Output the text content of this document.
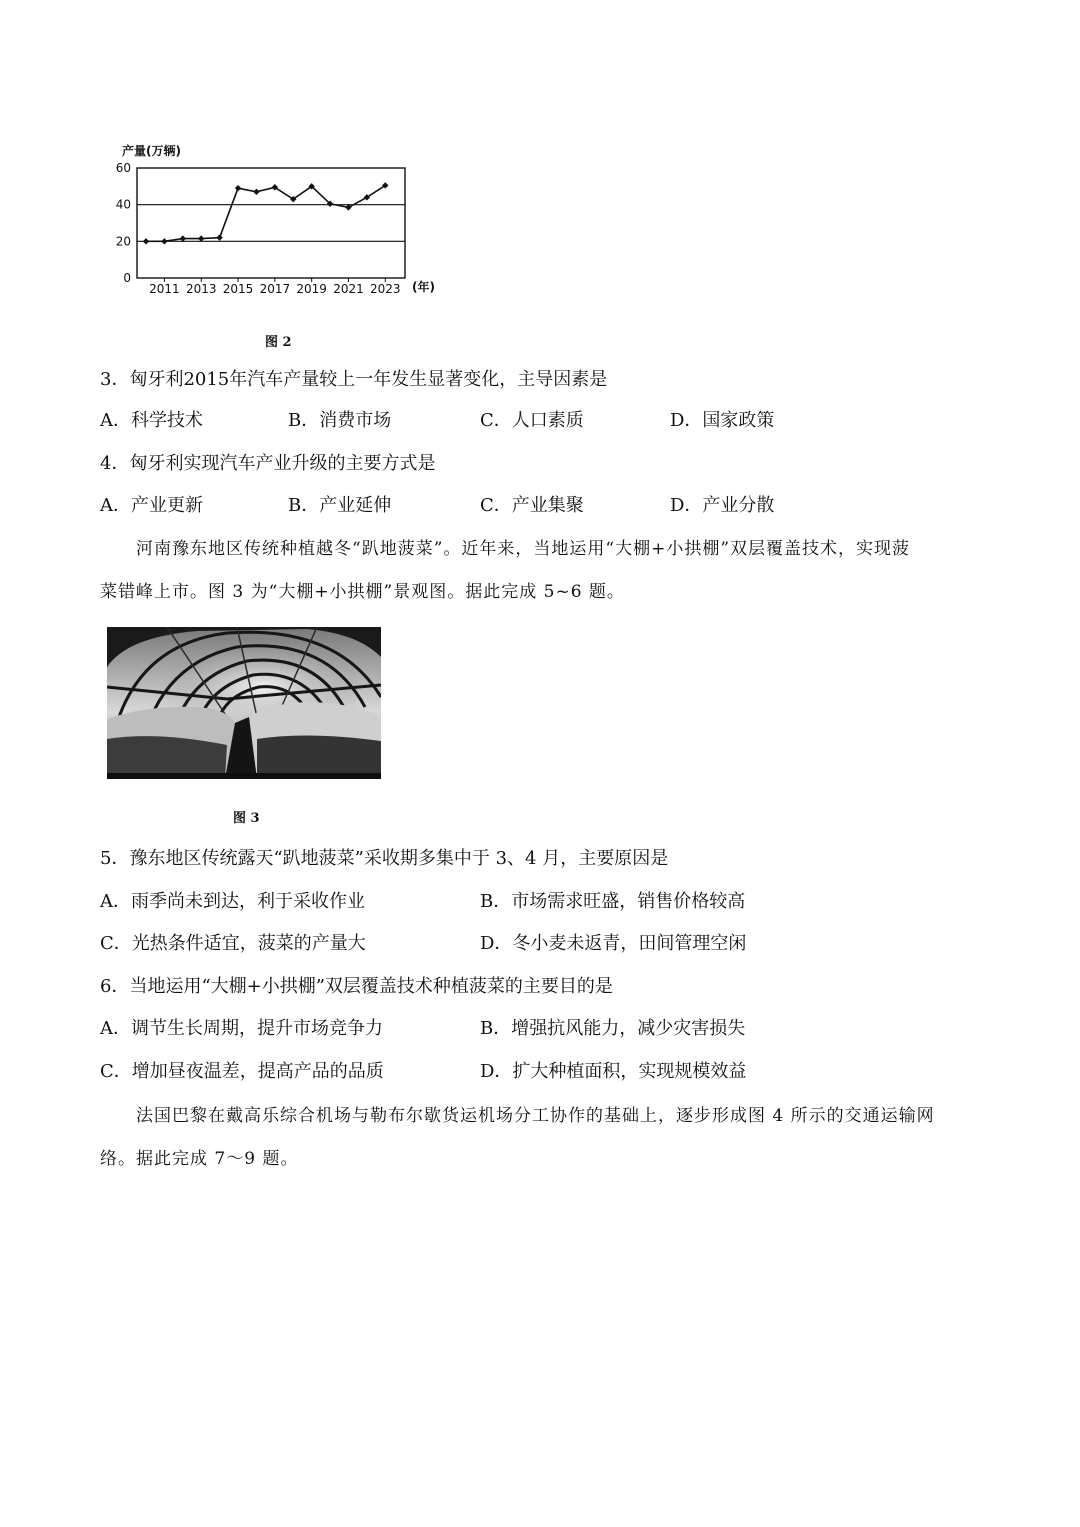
产量(万辆)
(年)
0
20
40
60
2011 2013 2015 2017 2019 2021 2023
图 2
3．匈牙利2015年汽车产量较上一年发生显著变化，主导因素是
A．科学技术	B．消费市场	C．人口素质	D．国家政策
4．匈牙利实现汽车产业升级的主要方式是
A．产业更新	B．产业延伸	C．产业集聚	D．产业分散
河南豫东地区传统种植越冬“趴地菠菜”。近年来，当地运用“大棚+小拱棚”双层覆盖技术，实现菠
菜错峰上市。图 3 为“大棚+小拱棚”景观图。据此完成 5~6 题。
图 3
5．豫东地区传统露天“趴地菠菜”采收期多集中于 3、4 月，主要原因是
A．雨季尚未到达，利于采收作业	B．市场需求旺盛，销售价格较高
C．光热条件适宜，菠菜的产量大	D．冬小麦未返青，田间管理空闲
6．当地运用“大棚+小拱棚”双层覆盖技术种植菠菜的主要目的是
A．调节生长周期，提升市场竞争力	B．增强抗风能力，减少灾害损失
C．增加昼夜温差，提高产品的品质	D．扩大种植面积，实现规模效益
法国巴黎在戴高乐综合机场与勒布尔歇货运机场分工协作的基础上，逐步形成图 4 所示的交通运输网
络。据此完成 7～9 题。
